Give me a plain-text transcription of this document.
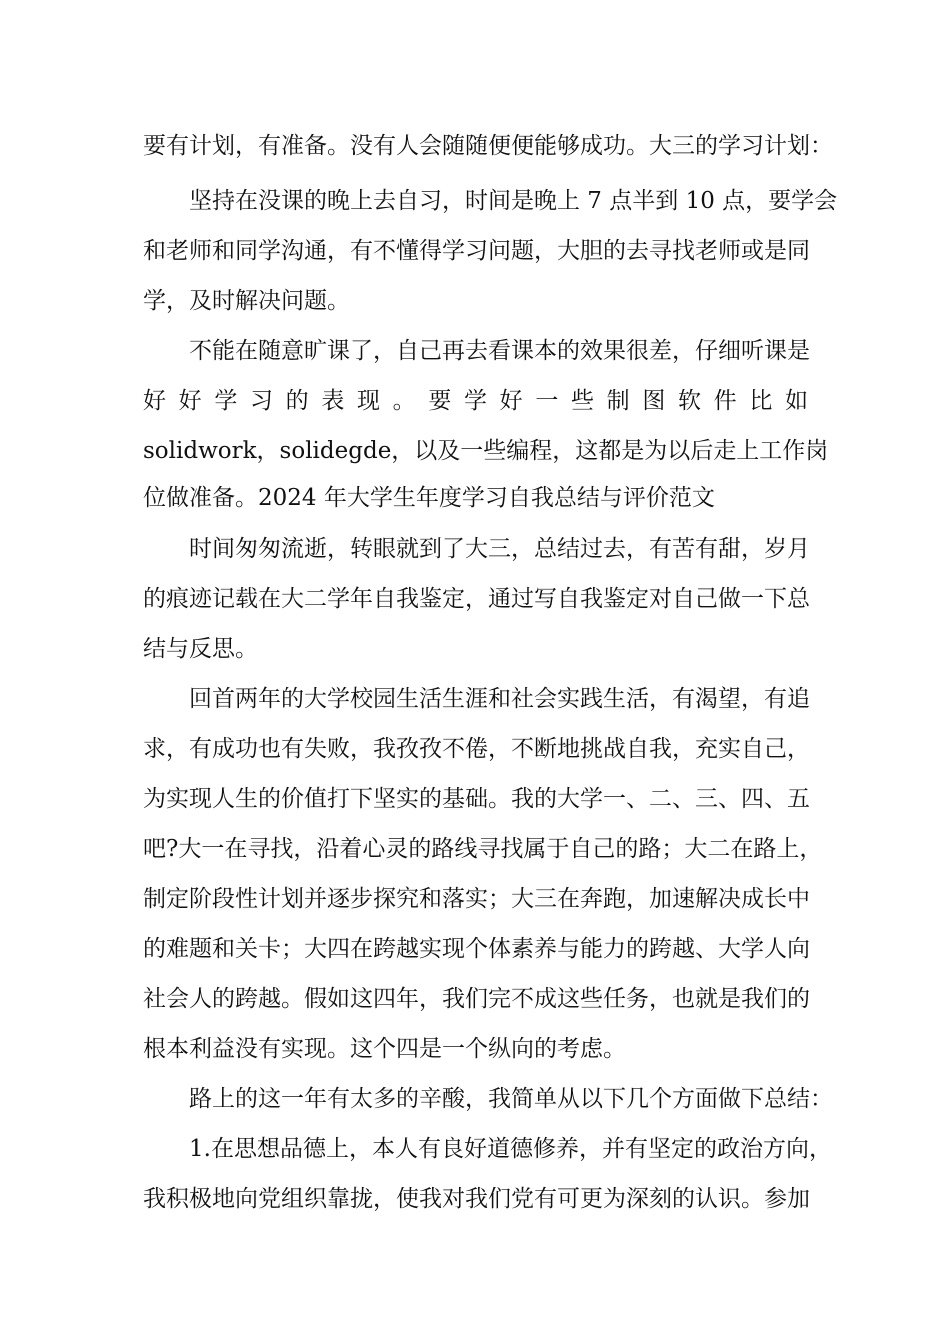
要有计划，有准备。没有人会随随便便能够成功。大三的学习计划：
坚持在没课的晚上去自习，时间是晚上 7 点半到 10 点，要学会
和老师和同学沟通，有不懂得学习问题，大胆的去寻找老师或是同
学，及时解决问题。
不能在随意旷课了，自己再去看课本的效果很差，仔细听课是
好 好 学 习 的 表 现 。 要 学 好 一 些 制 图 软 件 比 如
solidwork，solidegde，以及一些编程，这都是为以后走上工作岗
位做准备。2024 年大学生年度学习自我总结与评价范文
时间匆匆流逝，转眼就到了大三，总结过去，有苦有甜，岁月
的痕迹记载在大二学年自我鉴定，通过写自我鉴定对自己做一下总
结与反思。
回首两年的大学校园生活生涯和社会实践生活，有渴望，有追
求，有成功也有失败，我孜孜不倦，不断地挑战自我，充实自己，
为实现人生的价值打下坚实的基础。我的大学一、二、三、四、五
吧?大一在寻找，沿着心灵的路线寻找属于自己的路；大二在路上，
制定阶段性计划并逐步探究和落实；大三在奔跑，加速解决成长中
的难题和关卡；大四在跨越实现个体素养与能力的跨越、大学人向
社会人的跨越。假如这四年，我们完不成这些任务，也就是我们的
根本利益没有实现。这个四是一个纵向的考虑。
路上的这一年有太多的辛酸，我简单从以下几个方面做下总结：
1.在思想品德上，本人有良好道德修养，并有坚定的政治方向，
我积极地向党组织靠拢，使我对我们党有可更为深刻的认识。参加
